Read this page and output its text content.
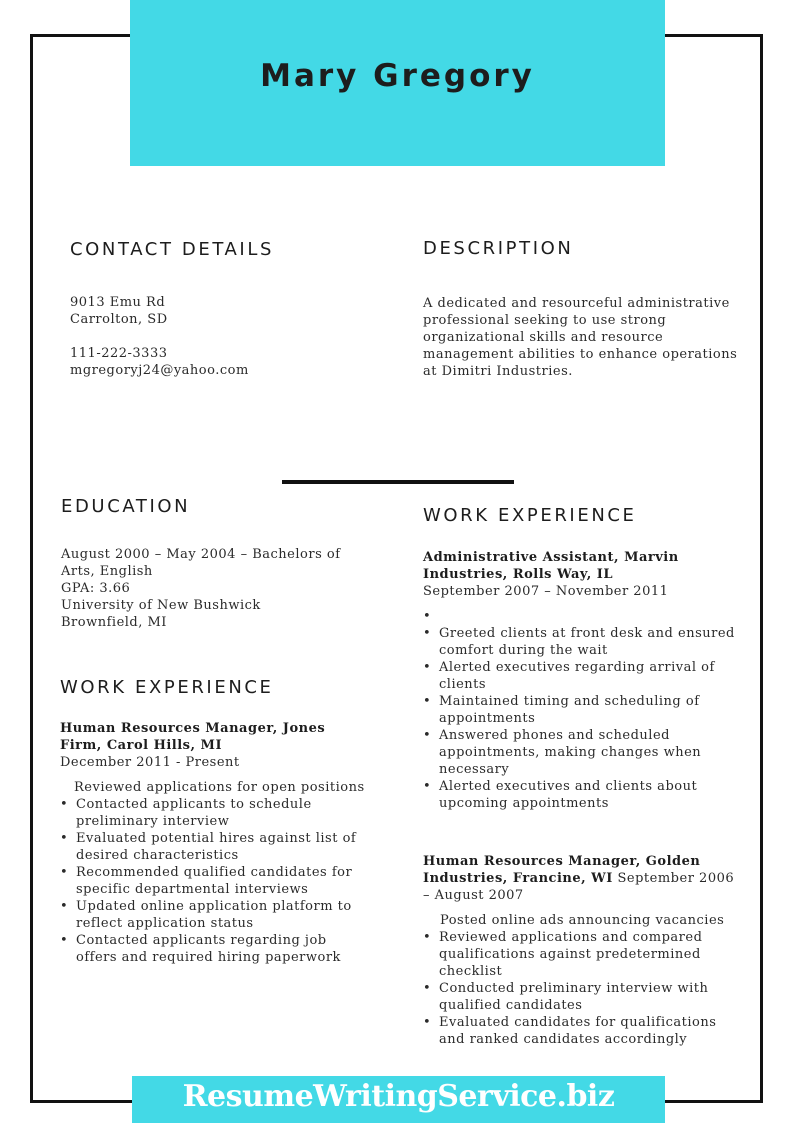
Mary Gregory
CONTACT DETAILS

9013 Emu Rd

Carrolton, SD

111-222-3333

mgregoryj24@yahoo.com

DESCRIPTION
A dedicated and resourceful administrative professional seeking to use strong organizational skills and resource management abilities to enhance operations at Dimitri Industries.
EDUCATION

August 2000 – May 2004 – Bachelors of Arts, English

GPA: 3.66

University of New Bushwick

Brownfield, MI

WORK EXPERIENCE

Human Resources Manager, Jones Firm, Carol Hills, MI

December 2011 - Present

Reviewed applications for open positions

• Contacted applicants to schedule preliminary interview
• Evaluated potential hires against list of desired characteristics
• Recommended qualified candidates for specific departmental interviews
• Updated online application platform to reflect application status
• Contacted applicants regarding job offers and required hiring paperwork
WORK EXPERIENCE

Administrative Assistant, Marvin Industries, Rolls Way, IL

September 2007 – November 2011

•
• Greeted clients at front desk and ensured comfort during the wait
• Alerted executives regarding arrival of clients
• Maintained timing and scheduling of appointments
• Answered phones and scheduled appointments, making changes when necessary
• Alerted executives and clients about upcoming appointments

Human Resources Manager, Golden Industries, Francine, WI September 2006 – August 2007

Posted online ads announcing vacancies

• Reviewed applications and compared qualifications against predetermined checklist
• Conducted preliminary interview with qualified candidates
• Evaluated candidates for qualifications and ranked candidates accordingly
ResumeWritingService.biz
